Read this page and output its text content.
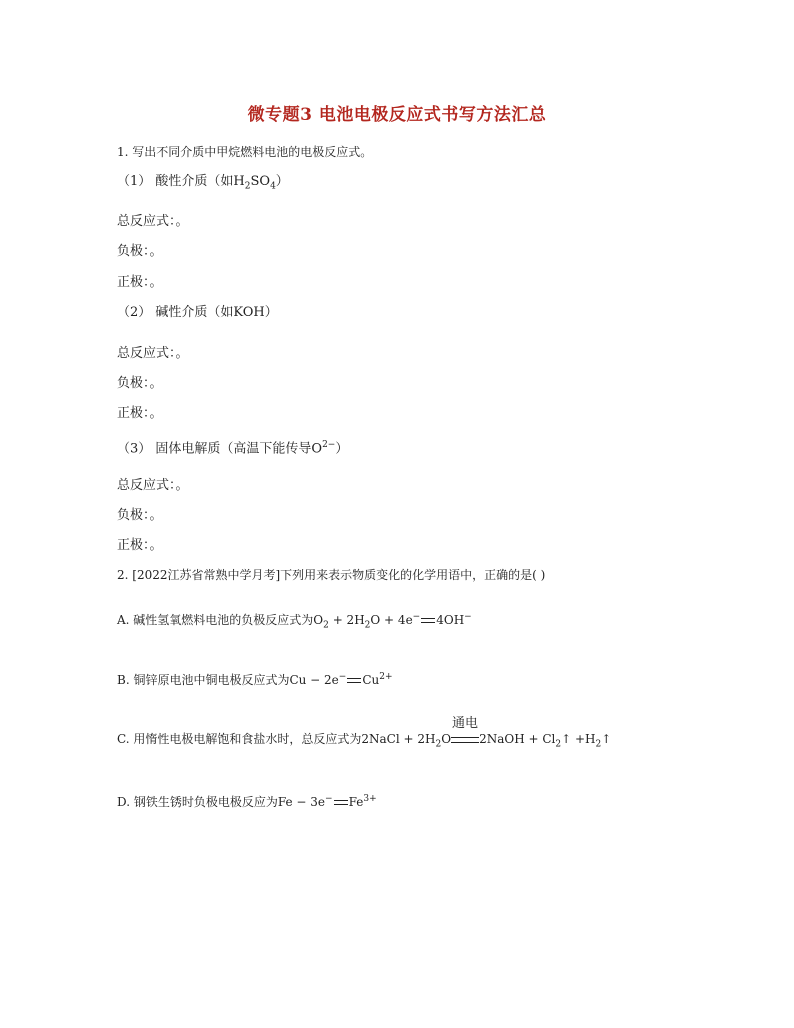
微专题3 电池电极反应式书写方法汇总
1. 写出不同介质中甲烷燃料电池的电极反应式。
（1） 酸性介质（如$H_2SO_4$）
总反应式：。
负极：。
正极：。
（2） 碱性介质（如KOH）
总反应式：。
负极：。
正极：。
（3） 固体电解质（高温下能传导$O^{2-}$）
总反应式：。
负极：。
正极：。
2. [2022江苏省常熟中学月考]下列用来表示物质变化的化学用语中，正确的是( )
A. 碱性氢氧燃料电池的负极反应式为$O_2 + 2H_2O + 4e^-$ 4OH−
B. 铜锌原电池中铜电极反应式为Cu − 2e− $Cu^{2+}$
C. 用惰性电极电解饱和食盐水时，总反应式为2NaCl + $2H_2O$
通电
2NaOH + $Cl_2↑$ $+H_2↑$
D. 钢铁生锈时负极电极反应为Fe − 3e− $Fe^{3+}$
